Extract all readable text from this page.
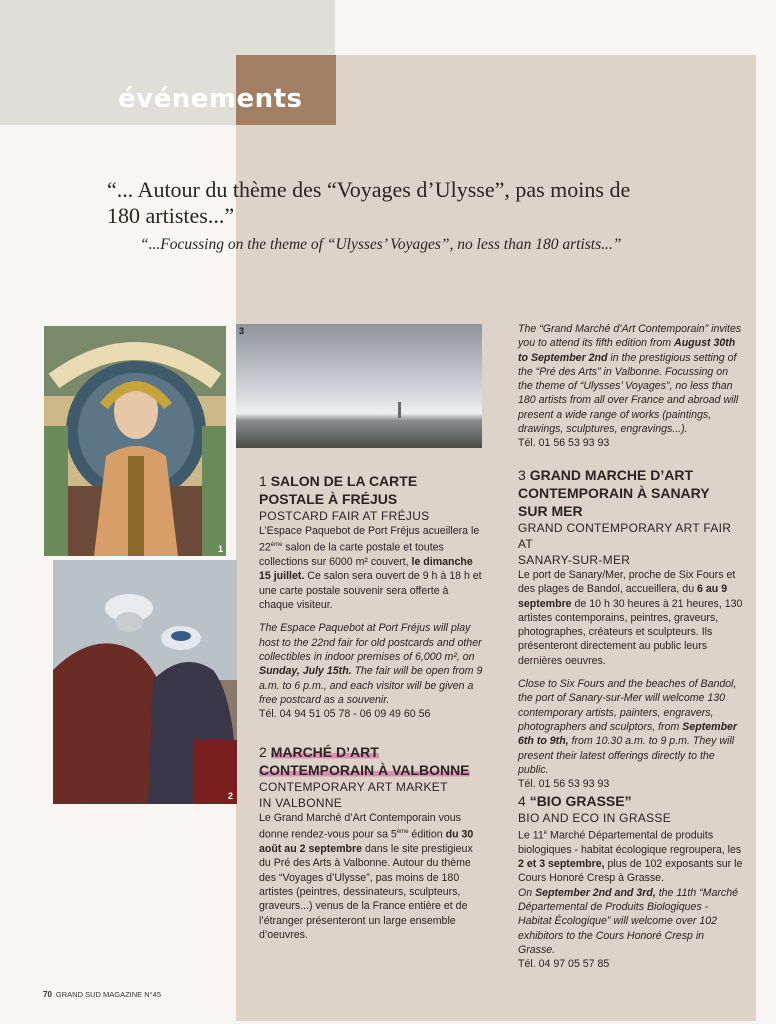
événements
“... Autour du thème des “Voyages d’Ulysse”, pas moins de 180 artistes...”
“...Focussing on the theme of “Ulysses’ Voyages”, no less than 180 artists...”
1
3
2
1 SALON DE LA CARTE
POSTALE À FRÉJUS
POSTCARD FAIR AT FRÉJUS

L’Espace Paquebot de Port Fréjus acueillera le 22ème salon de la carte postale et toutes collections sur 6000 m² couvert, le dimanche 15 juillet. Ce salon sera ouvert de 9 h à 18 h et une carte postale souvenir sera offerte à chaque visiteur.

The Espace Paquebot at Port Fréjus will play host to the 22nd fair for old postcards and other collectibles in indoor premises of 6,000 m², on Sunday, July 15th. The fair will be open from 9 a.m. to 6 p.m., and each visitor will be given a free postcard as a souvenir.

Tél. 04 94 51 05 78 - 06 09 49 60 56

2 MARCHÉ D’ART
CONTEMPORAIN À VALBONNE
CONTEMPORARY ART MARKET
IN VALBONNE

Le Grand Marché d’Art Contemporain vous donne rendez-vous pour sa 5ème édition du 30 août au 2 septembre dans le site prestigieux du Pré des Arts à Valbonne. Autour du thème des “Voyages d’Ulysse”, pas moins de 180 artistes (peintres, dessinateurs, sculpteurs, graveurs...) venus de la France entière et de l’étranger présenteront un large ensemble d’oeuvres.

The “Grand Marché d’Art Contemporain” invites you to attend its fifth edition from August 30th to September 2nd in the prestigious setting of the “Pré des Arts” in Valbonne. Focussing on the theme of “Ulysses’ Voyages”, no less than 180 artists from all over France and abroad will present a wide range of works (paintings, drawings, sculptures, engravings...).

Tél. 01 56 53 93 93

3 GRAND MARCHE D’ART
CONTEMPORAIN À SANARY
SUR MER
GRAND CONTEMPORARY ART FAIR AT
SANARY-SUR-MER

Le port de Sanary/Mer, proche de Six Fours et des plages de Bandol, accueillera, du 6 au 9 septembre de 10 h 30 heures à 21 heures, 130 artistes contemporains, peintres, graveurs, photographes, créateurs et sculpteurs. Ils présenteront directement au public leurs dernières oeuvres.

Close to Six Fours and the beaches of Bandol, the port of Sanary-sur-Mer will welcome 130 contemporary artists, painters, engravers, photographers and sculptors, from September 6th to 9th, from 10.30 a.m. to 9 p.m. They will present their latest offerings directly to the public.

Tél. 01 56 53 93 93

4 “BIO GRASSE”
BIO AND ECO IN GRASSE

Le 11e Marché Départemental de produits biologiques - habitat écologique regroupera, les 2 et 3 septembre, plus de 102 exposants sur le Cours Honoré Cresp à Grasse.

On September 2nd and 3rd, the 11th “Marché Départemental de Produits Biologiques - Habitat Écologique” will welcome over 102 exhibitors to the Cours Honoré Cresp in Grasse.

Tél. 04 97 05 57 85

70 GRAND SUD MAGAZINE N°45
